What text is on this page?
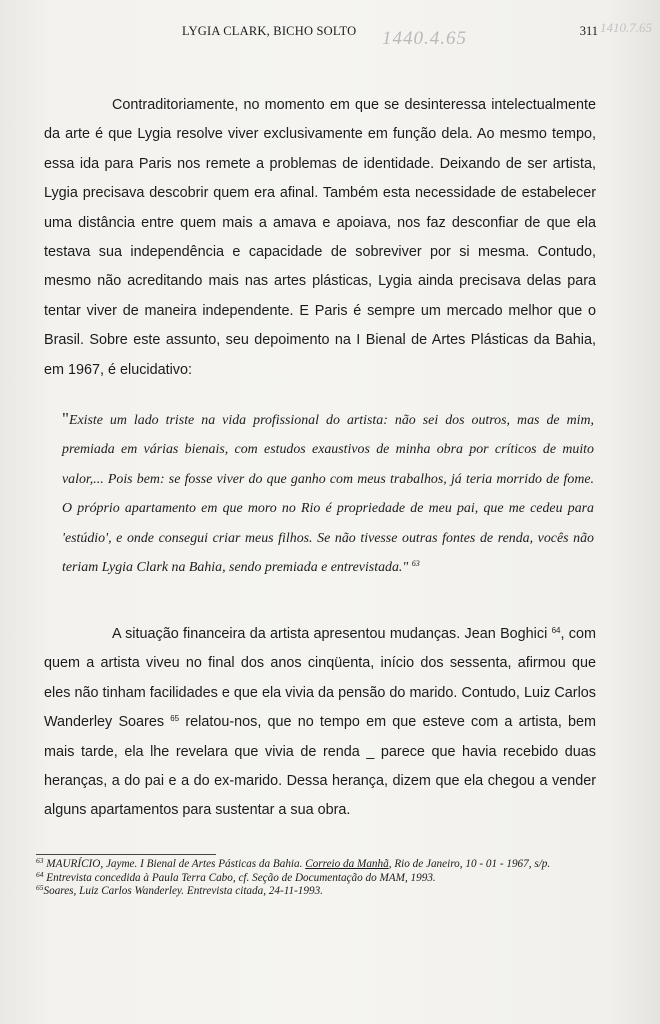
LYGIA CLARK, BICHO SOLTO 1440.4.65
1410.7.65
311

Contraditoriamente, no momento em que se desinteressa intelectualmente da arte é que Lygia resolve viver exclusivamente em função dela. Ao mesmo tempo, essa ida para Paris nos remete a problemas de identidade. Deixando de ser artista, Lygia precisava descobrir quem era afinal. Também esta necessidade de estabelecer uma distância entre quem mais a amava e apoiava, nos faz desconfiar de que ela testava sua independência e capacidade de sobreviver por si mesma. Contudo, mesmo não acreditando mais nas artes plásticas, Lygia ainda precisava delas para tentar viver de maneira independente. E Paris é sempre um mercado melhor que o Brasil. Sobre este assunto, seu depoimento na I Bienal de Artes Plásticas da Bahia, em 1967, é elucidativo:

"Existe um lado triste na vida profissional do artista: não sei dos outros, mas de mim, premiada em várias bienais, com estudos exaustivos de minha obra por críticos de muito valor,... Pois bem: se fosse viver do que ganho com meus trabalhos, já teria morrido de fome. O próprio apartamento em que moro no Rio é propriedade de meu pai, que me cedeu para 'estúdio', e onde consegui criar meus filhos. Se não tivesse outras fontes de renda, vocês não teriam Lygia Clark na Bahia, sendo premiada e entrevistada." $^{63}$

A situação financeira da artista apresentou mudanças. Jean Boghici $^{64}$, com quem a artista viveu no final dos anos cinqüenta, início dos sessenta, afirmou que eles não tinham facilidades e que ela vivia da pensão do marido. Contudo, Luiz Carlos Wanderley Soares $^{65}$ relatou-nos, que no tempo em que esteve com a artista, bem mais tarde, ela lhe revelara que vivia de renda _ parece que havia recebido duas heranças, a do pai e a do ex-marido. Dessa herança, dizem que ela chegou a vender alguns apartamentos para sustentar a sua obra.

$^{63}$ MAURÍCIO, Jayme. I Bienal de Artes Pásticas da Bahia. Correio da Manhã, Rio de Janeiro, 10 - 01 - 1967, s/p.
$^{64}$ Entrevista concedida à Paula Terra Cabo, cf. Seção de Documentação do MAM, 1993.
$^{65}$Soares, Luiz Carlos Wanderley. Entrevista citada, 24-11-1993.
